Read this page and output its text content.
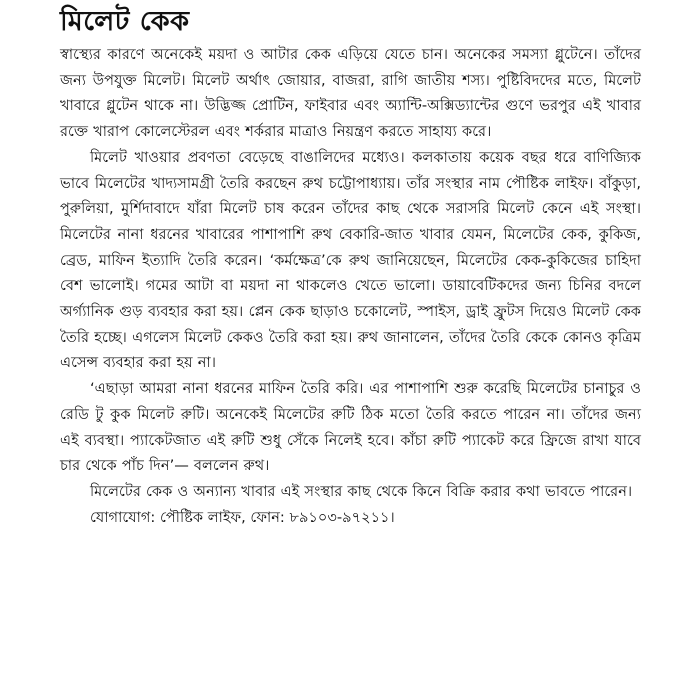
মিলেট কেক

স্বাস্থ্যের কারণে অনেকেই ময়দা ও আটার কেক এড়িয়ে যেতে চান। অনেকের সমস্যা গ্লুটেনে। তাঁদের জন্য উপযুক্ত মিলেট। মিলেট অর্থাৎ জোয়ার, বাজরা, রাগি জাতীয় শস্য। পুষ্টিবিদদের মতে, মিলেট খাবারে গ্লুটেন থাকে না। উদ্ভিজ্জ প্রোটিন, ফাইবার এবং অ্যান্টি-অক্সিড্যান্টের গুণে ভরপুর এই খাবার রক্তে খারাপ কোলেস্টেরল এবং শর্করার মাত্রাও নিয়ন্ত্রণ করতে সাহায্য করে।

মিলেট খাওয়ার প্রবণতা বেড়েছে বাঙালিদের মধ্যেও। কলকাতায় কয়েক বছর ধরে বাণিজ্যিক ভাবে মিলেটের খাদ্যসামগ্রী তৈরি করছেন রুথ চট্টোপাধ্যায়। তাঁর সংস্থার নাম পৌষ্টিক লাইফ। বাঁকুড়া, পুরুলিয়া, মুর্শিদাবাদে যাঁরা মিলেট চাষ করেন তাঁদের কাছ থেকে সরাসরি মিলেট কেনে এই সংস্থা। মিলেটের নানা ধরনের খাবারের পাশাপাশি রুথ বেকারি-জাত খাবার যেমন, মিলেটের কেক, কুকিজ, ব্রেড, মাফিন ইত্যাদি তৈরি করেন। ‘কর্মক্ষেত্র’কে রুথ জানিয়েছেন, মিলেটের কেক-কুকিজের চাহিদা বেশ ভালোই। গমের আটা বা ময়দা না থাকলেও খেতে ভালো। ডায়াবেটিকদের জন্য চিনির বদলে অর্গ্যানিক গুড় ব্যবহার করা হয়। প্লেন কেক ছাড়াও চকোলেট, স্পাইস, ড্রাই ফ্রুটস দিয়েও মিলেট কেক তৈরি হচ্ছে। এগলেস মিলেট কেকও তৈরি করা হয়। রুথ জানালেন, তাঁদের তৈরি কেকে কোনও কৃত্রিম এসেন্স ব্যবহার করা হয় না।

‘এছাড়া আমরা নানা ধরনের মাফিন তৈরি করি। এর পাশাপাশি শুরু করেছি মিলেটের চানাচুর ও রেডি টু কুক মিলেট রুটি। অনেকেই মিলেটের রুটি ঠিক মতো তৈরি করতে পারেন না। তাঁদের জন্য এই ব্যবস্থা। প্যাকেটজাত এই রুটি শুধু সেঁকে নিলেই হবে। কাঁচা রুটি প্যাকেট করে ফ্রিজে রাখা যাবে চার থেকে পাঁচ দিন’— বললেন রুথ।

মিলেটের কেক ও অন্যান্য খাবার এই সংস্থার কাছ থেকে কিনে বিক্রি করার কথা ভাবতে পারেন।

যোগাযোগ: পৌষ্টিক লাইফ, ফোন: ৮৯১০৩-৯৭২১১।
